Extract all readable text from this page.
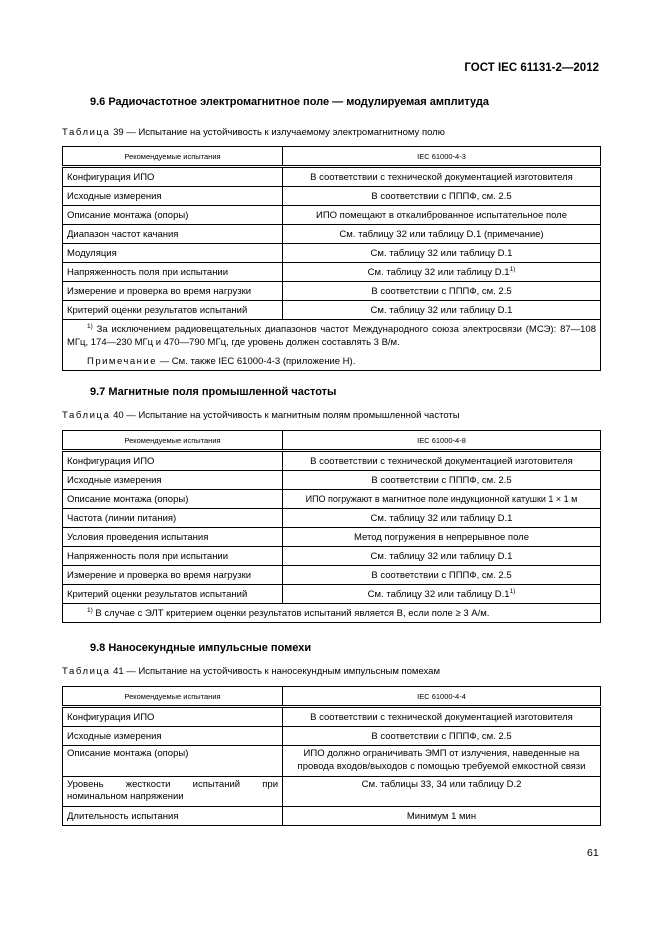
ГОСТ IEC 61131-2—2012
9.6 Радиочастотное электромагнитное поле — модулируемая амплитуда
Таблица 39 — Испытание на устойчивость к излучаемому электромагнитному полю
Рекомендуемые испытания	IEC 61000-4-3
Конфигурация ИПО	В соответствии с технической документацией изготовителя
Исходные измерения	В соответствии с ПППФ, см. 2.5
Описание монтажа (опоры)	ИПО помещают в откалиброванное испытательное поле
Диапазон частот качания	См. таблицу 32 или таблицу D.1 (примечание)
Модуляция	См. таблицу 32 или таблицу D.1
Напряженность поля при испытании	См. таблицу 32 или таблицу D.1$^{1)}$
Измерение и проверка во время нагрузки	В соответствии с ПППФ, см. 2.5
Критерий оценки результатов испытаний	См. таблицу 32 или таблицу D.1

$^{1)}$ За исключением радиовещательных диапазонов частот Международного союза электросвязи (МСЭ): 87—108 МГц, 174—230 МГц и 470—790 МГц, где уровень должен составлять 3 В/м.
Примечание — См. также IEC 61000-4-3 (приложение Н).	
9.7 Магнитные поля промышленной частоты
Таблица 40 — Испытание на устойчивость к магнитным полям промышленной частоты
Рекомендуемые испытания	IEC 61000-4-8
Конфигурация ИПО	В соответствии с технической документацией изготовителя
Исходные измерения	В соответствии с ПППФ, см. 2.5
Описание монтажа (опоры)	ИПО погружают в магнитное поле индукционной катушки 1 × 1 м
Частота (линии питания)	См. таблицу 32 или таблицу D.1
Условия проведения испытания	Метод погружения в непрерывное поле
Напряженность поля при испытании	См. таблицу 32 или таблицу D.1
Измерение и проверка во время нагрузки	В соответствии с ПППФ, см. 2.5
Критерий оценки результатов испытаний	См. таблицу 32 или таблицу D.1$^{1)}$

$^{1)}$ В случае с ЭЛТ критерием оценки результатов испытаний является В, если поле ≥ 3 А/м.	
9.8 Наносекундные импульсные помехи
Таблица 41 — Испытание на устойчивость к наносекундным импульсным помехам
Рекомендуемые испытания	IEC 61000-4-4
Конфигурация ИПО	В соответствии с технической документацией изготовителя
Исходные измерения	В соответствии с ПППФ, см. 2.5
Описание монтажа (опоры)	ИПО должно ограничивать ЭМП от излучения, наведенные на провода входов/выходов с помощью требуемой емкостной связи
Уровень жесткости испытаний при номинальном напряжении	См. таблицы 33, 34 или таблицу D.2
Длительность испытания	Минимум 1 мин
61
